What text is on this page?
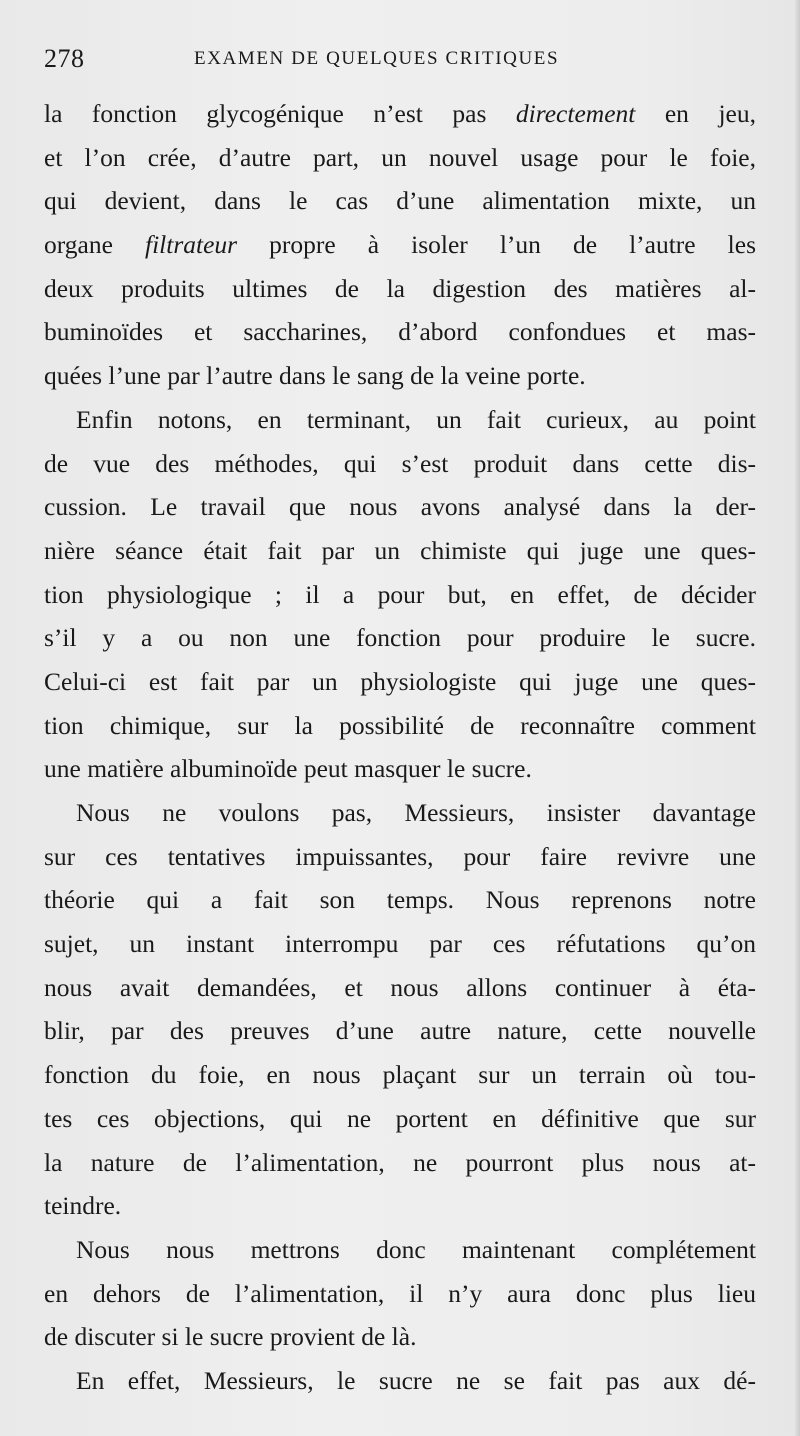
278	EXAMEN DE QUELQUES CRITIQUES
la fonction glycogénique n’est pas directement en jeu,
et l’on crée, d’autre part, un nouvel usage pour le foie,
qui devient, dans le cas d’une alimentation mixte, un
organe filtrateur propre à isoler l’un de l’autre les
deux produits ultimes de la digestion des matières al-
buminoïdes et saccharines, d’abord confondues et mas-
quées l’une par l’autre dans le sang de la veine porte.
Enfin notons, en terminant, un fait curieux, au point
de vue des méthodes, qui s’est produit dans cette dis-
cussion. Le travail que nous avons analysé dans la der-
nière séance était fait par un chimiste qui juge une ques-
tion physiologique ; il a pour but, en effet, de décider
s’il y a ou non une fonction pour produire le sucre.
Celui-ci est fait par un physiologiste qui juge une ques-
tion chimique, sur la possibilité de reconnaître comment
une matière albuminoïde peut masquer le sucre.
Nous ne voulons pas, Messieurs, insister davantage
sur ces tentatives impuissantes, pour faire revivre une
théorie qui a fait son temps. Nous reprenons notre
sujet, un instant interrompu par ces réfutations qu’on
nous avait demandées, et nous allons continuer à éta-
blir, par des preuves d’une autre nature, cette nouvelle
fonction du foie, en nous plaçant sur un terrain où tou-
tes ces objections, qui ne portent en définitive que sur
la nature de l’alimentation, ne pourront plus nous at-
teindre.
Nous nous mettrons donc maintenant complétement
en dehors de l’alimentation, il n’y aura donc plus lieu
de discuter si le sucre provient de là.
En effet, Messieurs, le sucre ne se fait pas aux dé-
